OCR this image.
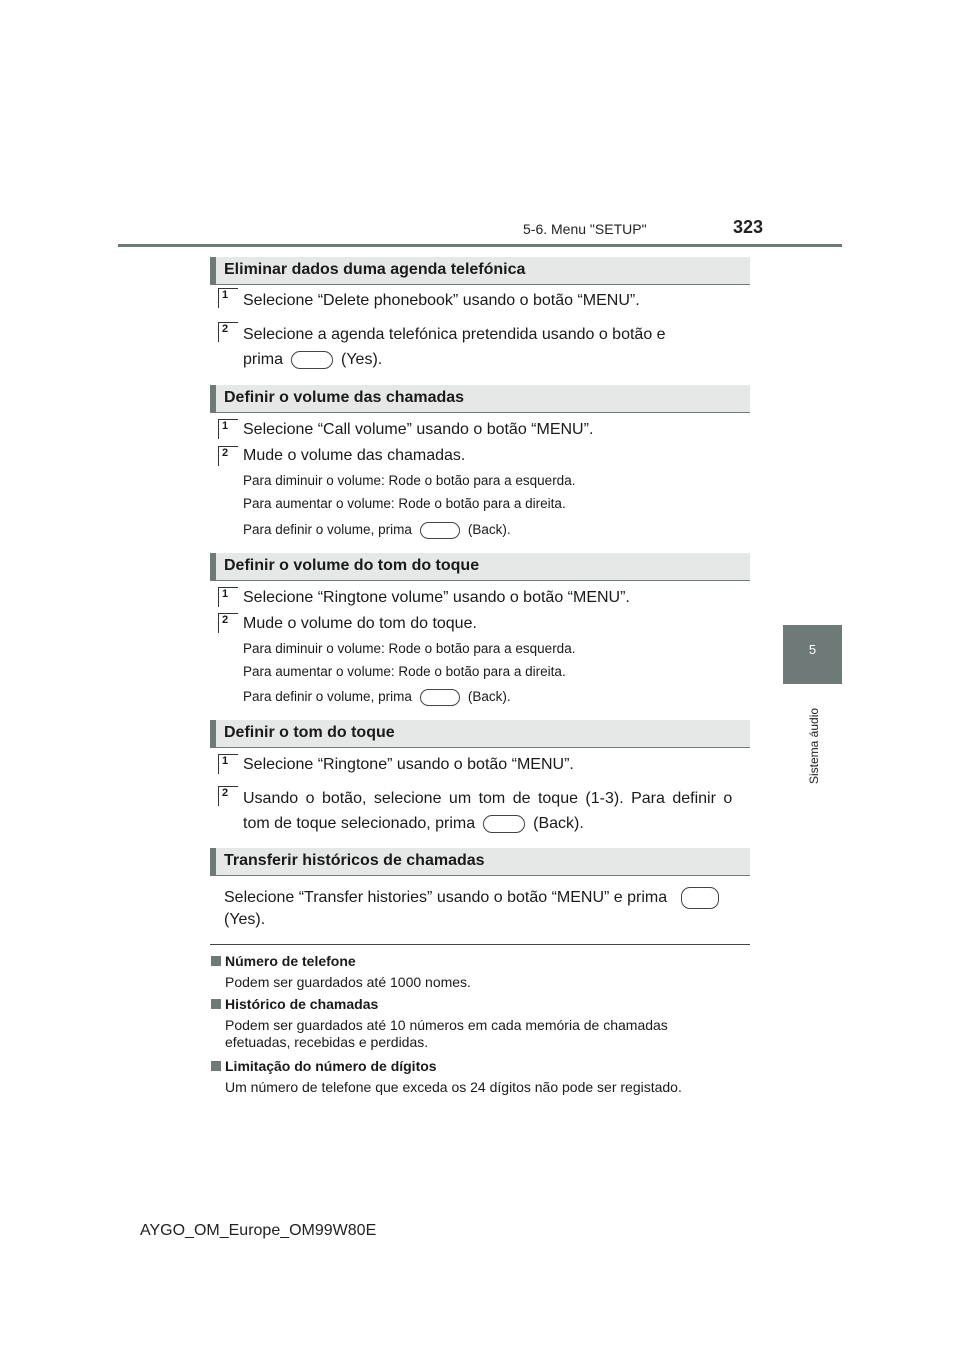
5-6. Menu "SETUP"	323
5
Sistema áudio
Eliminar dados duma agenda telefónica
1 Selecione “Delete phonebook” usando o botão “MENU”.
2 Selecione a agenda telefónica pretendida usando o botão e
prima	(Yes).
Definir o volume das chamadas
1 Selecione “Call volume” usando o botão “MENU”.
2 Mude o volume das chamadas.
Para diminuir o volume: Rode o botão para a esquerda.
Para aumentar o volume: Rode o botão para a direita.
Para definir o volume, prima	(Back).
Definir o volume do tom do toque
1 Selecione “Ringtone volume” usando o botão “MENU”.
2 Mude o volume do tom do toque.
Para diminuir o volume: Rode o botão para a esquerda.
Para aumentar o volume: Rode o botão para a direita.
Para definir o volume, prima	(Back).
Definir o tom do toque
1 Selecione “Ringtone” usando o botão “MENU”.
2 Usando o botão, selecione um tom de toque (1-3). Para definir o
tom de toque selecionado, prima	(Back).
Transferir históricos de chamadas
Selecione “Transfer histories” usando o botão “MENU” e prima
(Yes).
Número de telefone
Podem ser guardados até 1000 nomes.
Histórico de chamadas
Podem ser guardados até 10 números em cada memória de chamadas
efetuadas, recebidas e perdidas.
Limitação do número de dígitos
Um número de telefone que exceda os 24 dígitos não pode ser registado.
AYGO_OM_Europe_OM99W80E
